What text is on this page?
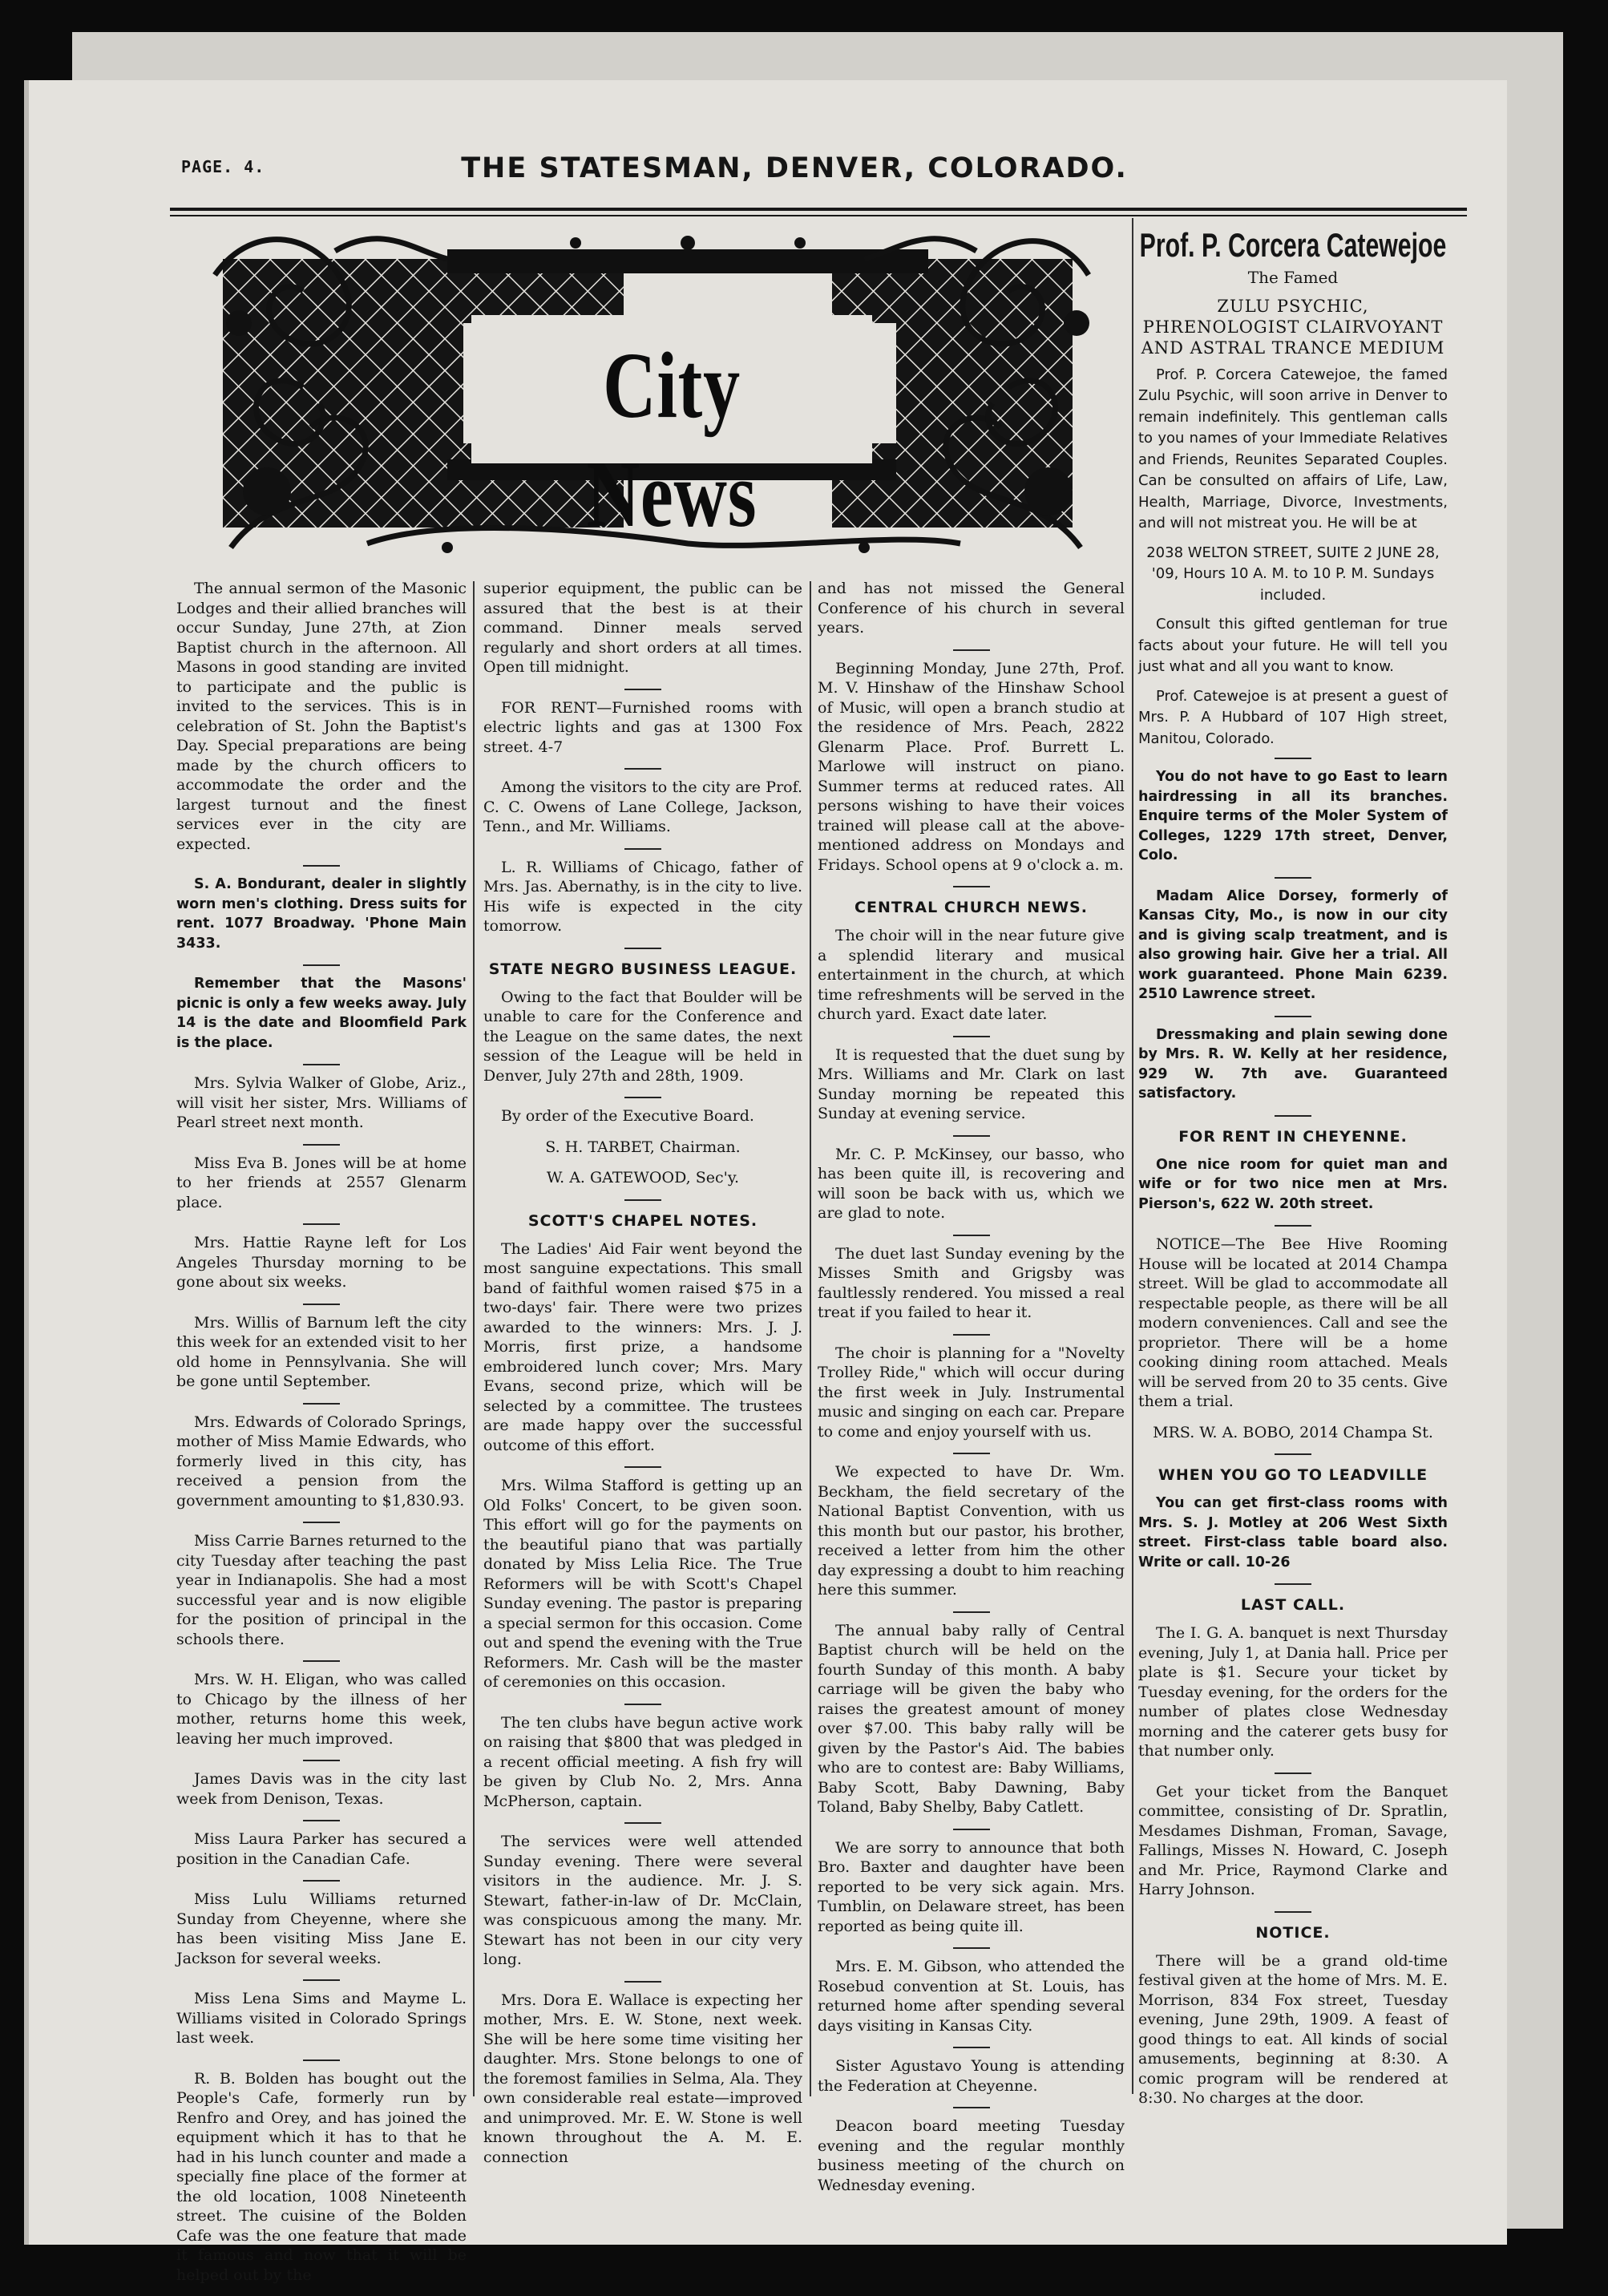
PAGE. 4.	THE STATESMAN, DENVER, COLORADO.
City News

The annual sermon of the Masonic Lodges and their allied branches will occur Sunday, June 27th, at Zion Baptist church in the afternoon. All Masons in good standing are invited to participate and the public is invited to the services. This is in celebration of St. John the Baptist's Day. Special preparations are being made by the church officers to accommodate the order and the largest turnout and the finest services ever in the city are expected.

S. A. Bondurant, dealer in slightly worn men's clothing. Dress suits for rent. 1077 Broadway. 'Phone Main 3433.

Remember that the Masons' picnic is only a few weeks away. July 14 is the date and Bloomfield Park is the place.

Mrs. Sylvia Walker of Globe, Ariz., will visit her sister, Mrs. Williams of Pearl street next month.

Miss Eva B. Jones will be at home to her friends at 2557 Glenarm place.

Mrs. Hattie Rayne left for Los Angeles Thursday morning to be gone about six weeks.

Mrs. Willis of Barnum left the city this week for an extended visit to her old home in Pennsylvania. She will be gone until September.

Mrs. Edwards of Colorado Springs, mother of Miss Mamie Edwards, who formerly lived in this city, has received a pension from the government amounting to $1,830.93.

Miss Carrie Barnes returned to the city Tuesday after teaching the past year in Indianapolis. She had a most successful year and is now eligible for the position of principal in the schools there.

Mrs. W. H. Eligan, who was called to Chicago by the illness of her mother, returns home this week, leaving her much improved.

James Davis was in the city last week from Denison, Texas.

Miss Laura Parker has secured a position in the Canadian Cafe.

Miss Lulu Williams returned Sunday from Cheyenne, where she has been visiting Miss Jane E. Jackson for several weeks.

Miss Lena Sims and Mayme L. Williams visited in Colorado Springs last week.

R. B. Bolden has bought out the People's Cafe, formerly run by Renfro and Orey, and has joined the equipment which it has to that he had in his lunch counter and made a specially fine place of the former at the old location, 1008 Nineteenth street. The cuisine of the Bolden Cafe was the one feature that made it famous and now that it will be helped out by the

superior equipment, the public can be assured that the best is at their command. Dinner meals served regularly and short orders at all times. Open till midnight.

FOR RENT—Furnished rooms with electric lights and gas at 1300 Fox street. 4-7

Among the visitors to the city are Prof. C. C. Owens of Lane College, Jackson, Tenn., and Mr. Williams.

L. R. Williams of Chicago, father of Mrs. Jas. Abernathy, is in the city to live. His wife is expected in the city tomorrow.

STATE NEGRO BUSINESS LEAGUE.

Owing to the fact that Boulder will be unable to care for the Conference and the League on the same dates, the next session of the League will be held in Denver, July 27th and 28th, 1909.

By order of the Executive Board.

S. H. TARBET, Chairman.

W. A. GATEWOOD, Sec'y.

SCOTT'S CHAPEL NOTES.

The Ladies' Aid Fair went beyond the most sanguine expectations. This small band of faithful women raised $75 in a two-days' fair. There were two prizes awarded to the winners: Mrs. J. J. Morris, first prize, a handsome embroidered lunch cover; Mrs. Mary Evans, second prize, which will be selected by a committee. The trustees are made happy over the successful outcome of this effort.

Mrs. Wilma Stafford is getting up an Old Folks' Concert, to be given soon. This effort will go for the payments on the beautiful piano that was partially donated by Miss Lelia Rice. The True Reformers will be with Scott's Chapel Sunday evening. The pastor is preparing a special sermon for this occasion. Come out and spend the evening with the True Reformers. Mr. Cash will be the master of ceremonies on this occasion.

The ten clubs have begun active work on raising that $800 that was pledged in a recent official meeting. A fish fry will be given by Club No. 2, Mrs. Anna McPherson, captain.

The services were well attended Sunday evening. There were several visitors in the audience. Mr. J. S. Stewart, father-in-law of Dr. McClain, was conspicuous among the many. Mr. Stewart has not been in our city very long.

Mrs. Dora E. Wallace is expecting her mother, Mrs. E. W. Stone, next week. She will be here some time visiting her daughter. Mrs. Stone belongs to one of the foremost families in Selma, Ala. They own considerable real estate—improved and unimproved. Mr. E. W. Stone is well known throughout the A. M. E. connection

and has not missed the General Conference of his church in several years.

Beginning Monday, June 27th, Prof. M. V. Hinshaw of the Hinshaw School of Music, will open a branch studio at the residence of Mrs. Peach, 2822 Glenarm Place. Prof. Burrett L. Marlowe will instruct on piano. Summer terms at reduced rates. All persons wishing to have their voices trained will please call at the above-mentioned address on Mondays and Fridays. School opens at 9 o'clock a. m.

CENTRAL CHURCH NEWS.

The choir will in the near future give a splendid literary and musical entertainment in the church, at which time refreshments will be served in the church yard. Exact date later.

It is requested that the duet sung by Mrs. Williams and Mr. Clark on last Sunday morning be repeated this Sunday at evening service.

Mr. C. P. McKinsey, our basso, who has been quite ill, is recovering and will soon be back with us, which we are glad to note.

The duet last Sunday evening by the Misses Smith and Grigsby was faultlessly rendered. You missed a real treat if you failed to hear it.

The choir is planning for a "Novelty Trolley Ride," which will occur during the first week in July. Instrumental music and singing on each car. Prepare to come and enjoy yourself with us.

We expected to have Dr. Wm. Beckham, the field secretary of the National Baptist Convention, with us this month but our pastor, his brother, received a letter from him the other day expressing a doubt to him reaching here this summer.

The annual baby rally of Central Baptist church will be held on the fourth Sunday of this month. A baby carriage will be given the baby who raises the greatest amount of money over $7.00. This baby rally will be given by the Pastor's Aid. The babies who are to contest are: Baby Williams, Baby Scott, Baby Dawning, Baby Toland, Baby Shelby, Baby Catlett.

We are sorry to announce that both Bro. Baxter and daughter have been reported to be very sick again. Mrs. Tumblin, on Delaware street, has been reported as being quite ill.

Mrs. E. M. Gibson, who attended the Rosebud convention at St. Louis, has returned home after spending several days visiting in Kansas City.

Sister Agustavo Young is attending the Federation at Cheyenne.

Deacon board meeting Tuesday evening and the regular monthly business meeting of the church on Wednesday evening.

Prof. P. Corcera Catewejoe
The Famed
ZULU PSYCHIC, PHRENOLOGIST CLAIRVOYANT AND ASTRAL TRANCE MEDIUM

Prof. P. Corcera Catewejoe, the famed Zulu Psychic, will soon arrive in Denver to remain indefinitely. This gentleman calls to you names of your Immediate Relatives and Friends, Reunites Separated Couples. Can be consulted on affairs of Life, Law, Health, Marriage, Divorce, Investments, and will not mistreat you. He will be at

2038 WELTON STREET, SUITE 2 JUNE 28, '09, Hours 10 A. M. to 10 P. M. Sundays included.

Consult this gifted gentleman for true facts about your future. He will tell you just what and all you want to know.

Prof. Catewejoe is at present a guest of Mrs. P. A Hubbard of 107 High street, Manitou, Colorado.

You do not have to go East to learn hairdressing in all its branches. Enquire terms of the Moler System of Colleges, 1229 17th street, Denver, Colo.

Madam Alice Dorsey, formerly of Kansas City, Mo., is now in our city and is giving scalp treatment, and is also growing hair. Give her a trial. All work guaranteed. Phone Main 6239. 2510 Lawrence street.

Dressmaking and plain sewing done by Mrs. R. W. Kelly at her residence, 929 W. 7th ave. Guaranteed satisfactory.

FOR RENT IN CHEYENNE.

One nice room for quiet man and wife or for two nice men at Mrs. Pierson's, 622 W. 20th street.

NOTICE—The Bee Hive Rooming House will be located at 2014 Champa street. Will be glad to accommodate all respectable people, as there will be all modern conveniences. Call and see the proprietor. There will be a home cooking dining room attached. Meals will be served from 20 to 35 cents. Give them a trial.

MRS. W. A. BOBO, 2014 Champa St.

WHEN YOU GO TO LEADVILLE

You can get first-class rooms with Mrs. S. J. Motley at 206 West Sixth street. First-class table board also. Write or call. 10-26

LAST CALL.

The I. G. A. banquet is next Thursday evening, July 1, at Dania hall. Price per plate is $1. Secure your ticket by Tuesday evening, for the orders for the number of plates close Wednesday morning and the caterer gets busy for that number only.

Get your ticket from the Banquet committee, consisting of Dr. Spratlin, Mesdames Dishman, Froman, Savage, Fallings, Misses N. Howard, C. Joseph and Mr. Price, Raymond Clarke and Harry Johnson.

NOTICE.

There will be a grand old-time festival given at the home of Mrs. M. E. Morrison, 834 Fox street, Tuesday evening, June 29th, 1909. A feast of good things to eat. All kinds of social amusements, beginning at 8:30. A comic program will be rendered at 8:30. No charges at the door.
